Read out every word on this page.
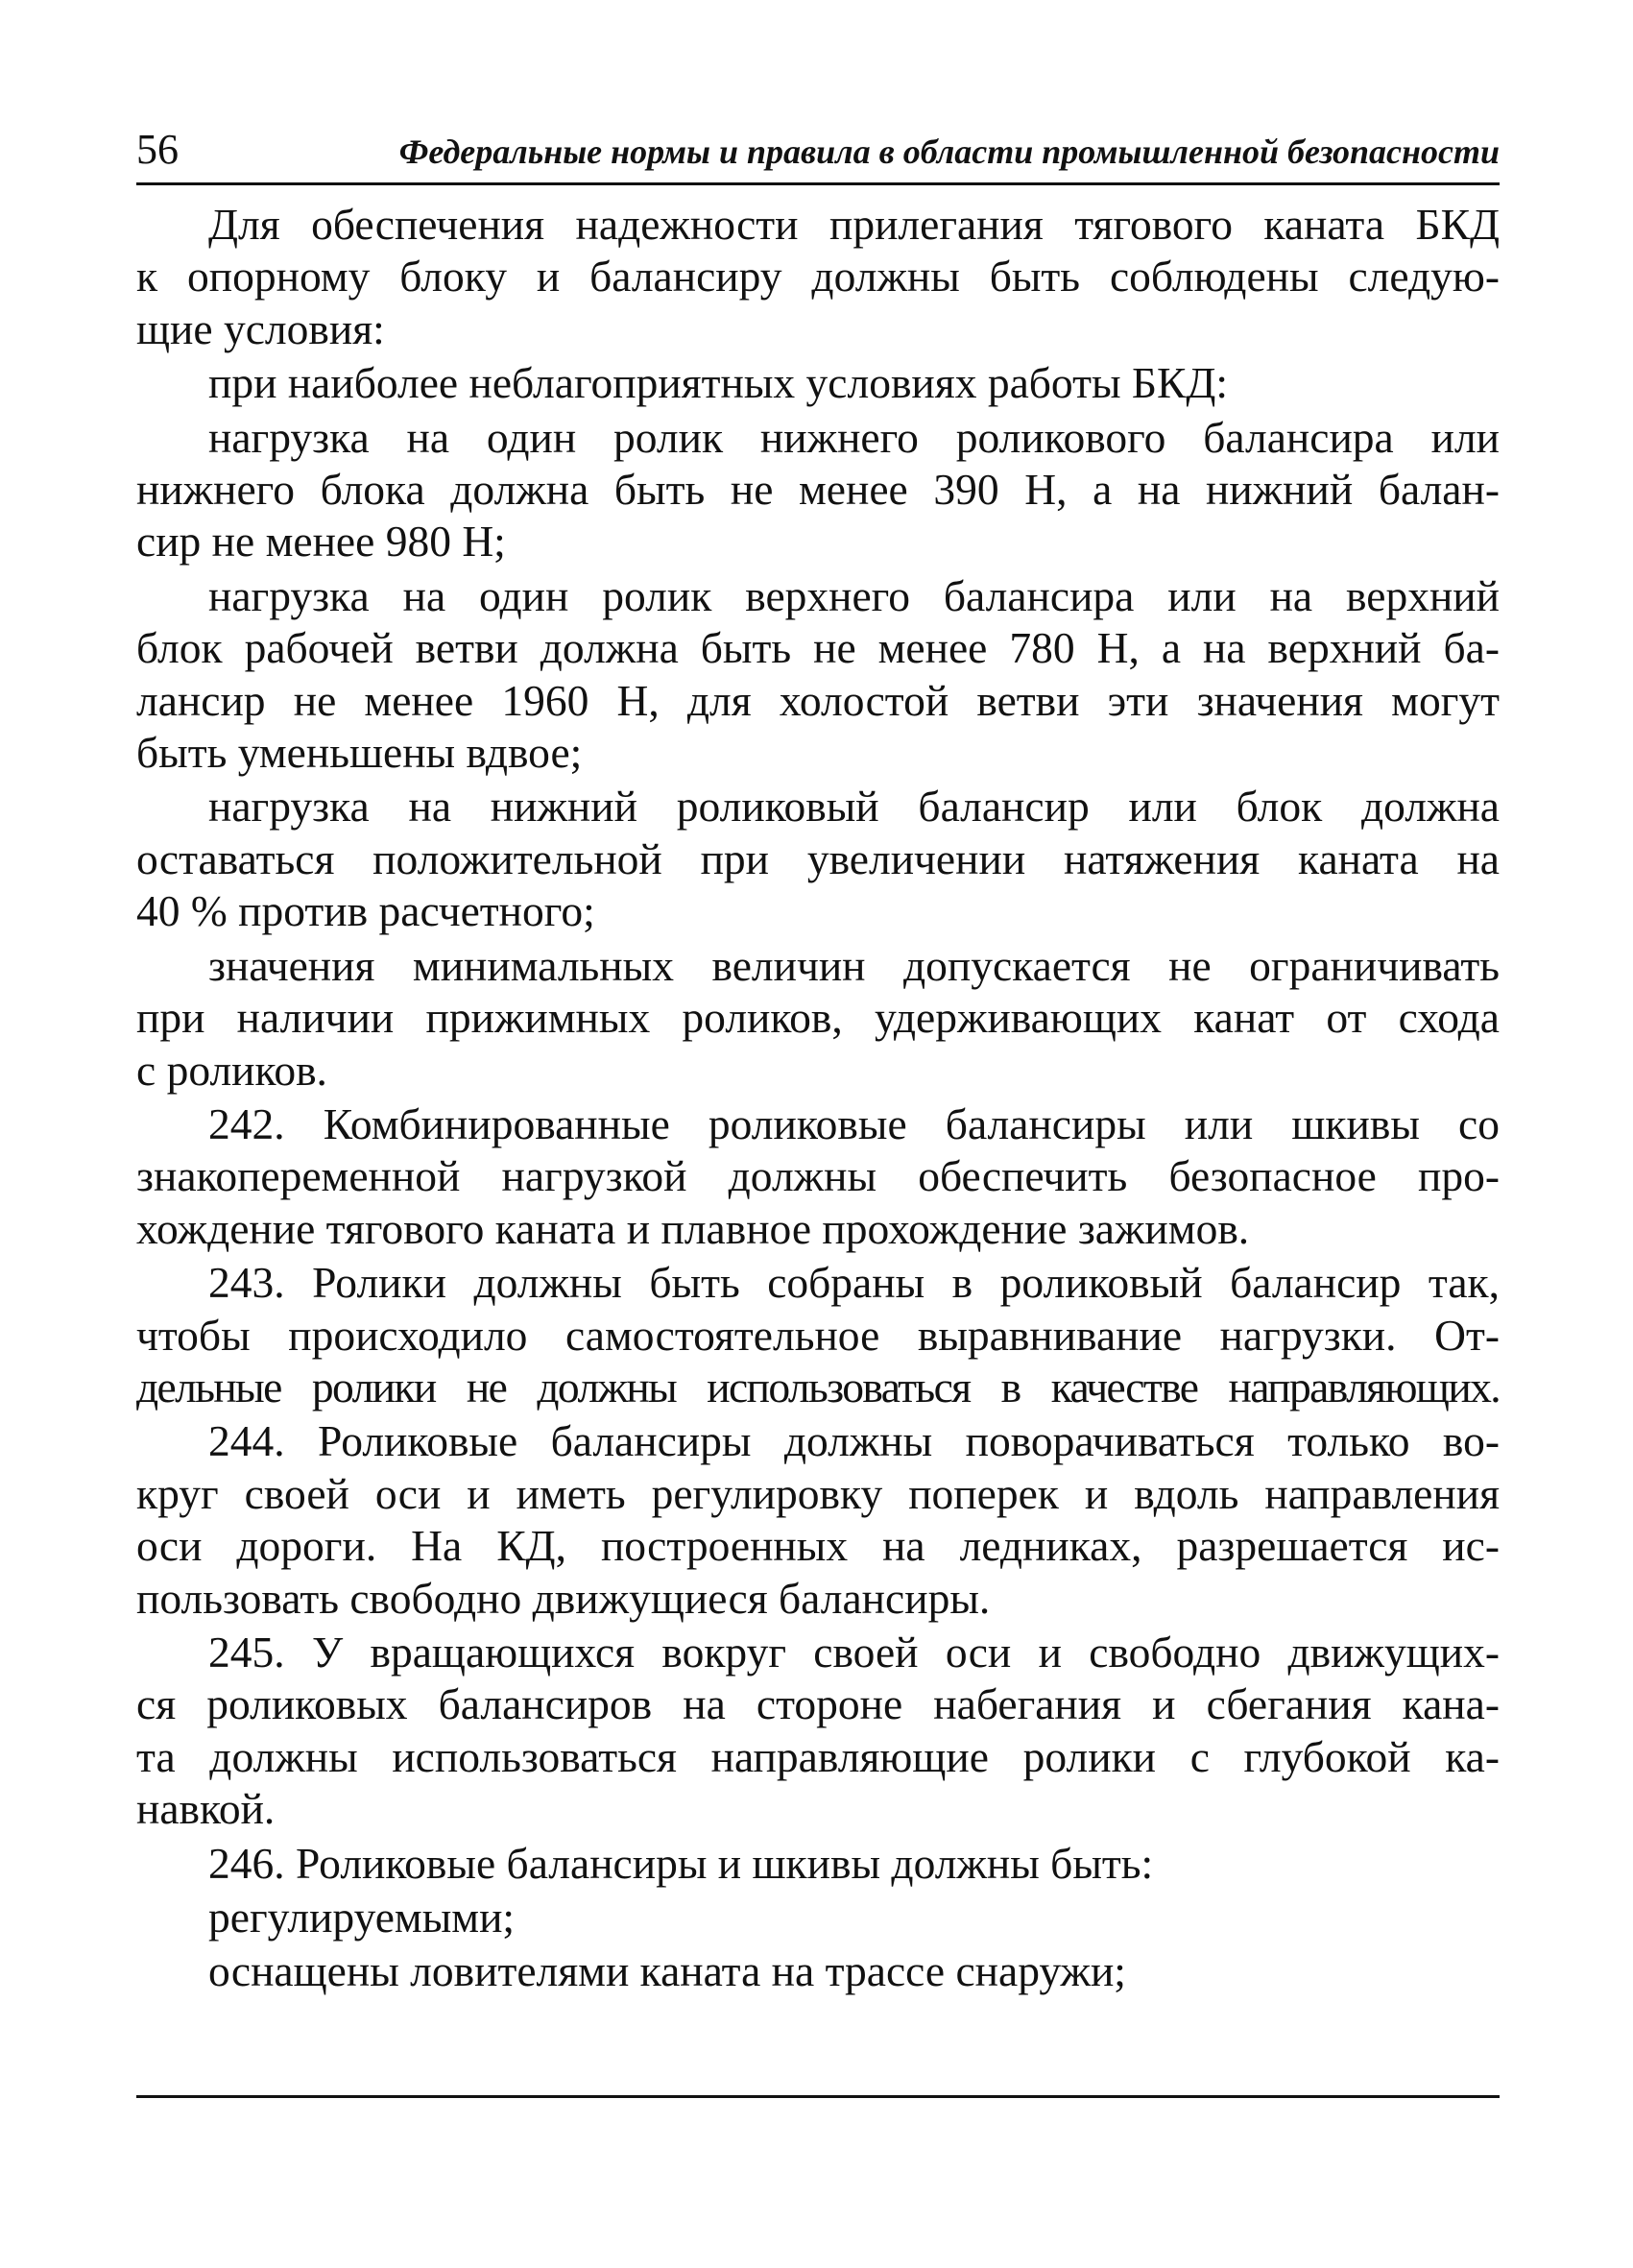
56	Федеральные нормы и правила в области промышленной безопасности
Для обеспечения надежности прилегания тягового каната БКД
к опорному блоку и балансиру должны быть соблюдены следую-
щие условия:
при наиболее неблагоприятных условиях работы БКД:
нагрузка на один ролик нижнего роликового балансира или
нижнего блока должна быть не менее 390 Н, а на нижний балан-
сир не менее 980 Н;
нагрузка на один ролик верхнего балансира или на верхний
блок рабочей ветви должна быть не менее 780 Н, а на верхний ба-
лансир не менее 1960 Н, для холостой ветви эти значения могут
быть уменьшены вдвое;
нагрузка на нижний роликовый балансир или блок должна
оставаться положительной при увеличении натяжения каната на
40 % против расчетного;
значения минимальных величин допускается не ограничивать
при наличии прижимных роликов, удерживающих канат от схода
с роликов.
242. Комбинированные роликовые балансиры или шкивы со
знакопеременной нагрузкой должны обеспечить безопасное про-
хождение тягового каната и плавное прохождение зажимов.
243. Ролики должны быть собраны в роликовый балансир так,
чтобы происходило самостоятельное выравнивание нагрузки. От-
дельные ролики не должны использоваться в качестве направляющих.
244. Роликовые балансиры должны поворачиваться только во-
круг своей оси и иметь регулировку поперек и вдоль направления
оси дороги. На КД, построенных на ледниках, разрешается ис-
пользовать свободно движущиеся балансиры.
245. У вращающихся вокруг своей оси и свободно движущих-
ся роликовых балансиров на стороне набегания и сбегания кана-
та должны использоваться направляющие ролики с глубокой ка-
навкой.
246. Роликовые балансиры и шкивы должны быть:
регулируемыми;
оснащены ловителями каната на трассе снаружи;
